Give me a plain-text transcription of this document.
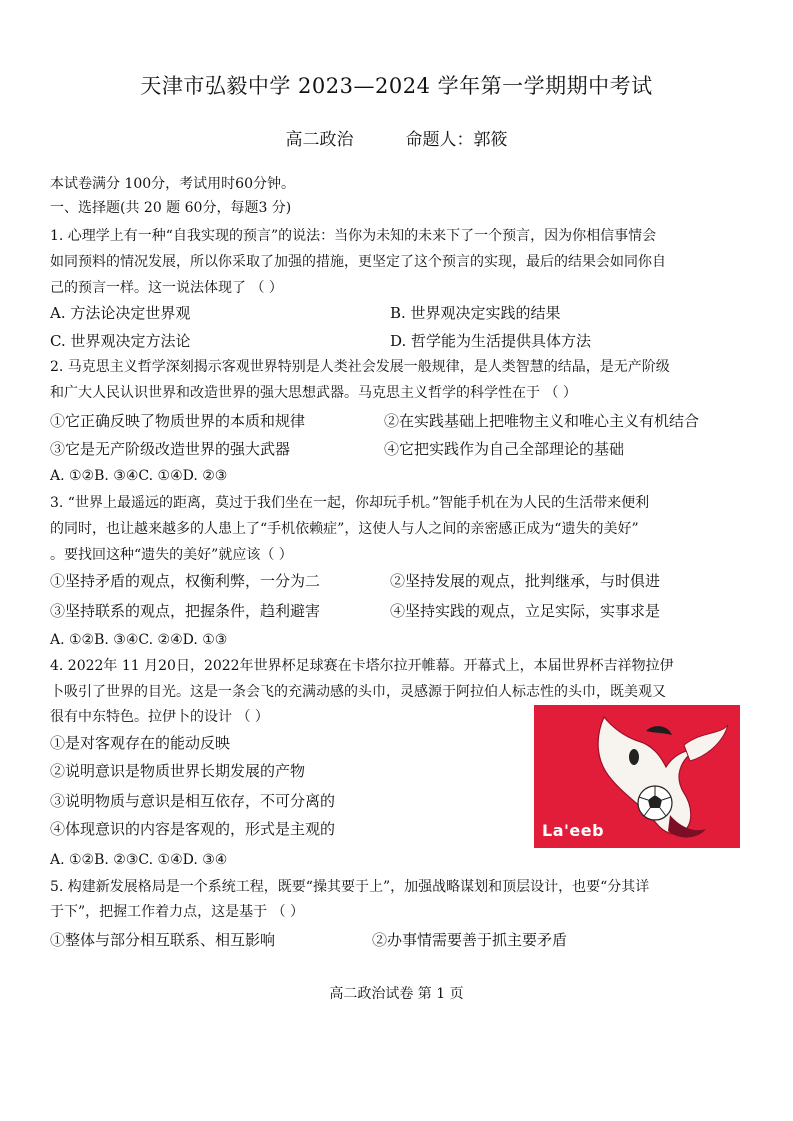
天津市弘毅中学 2023—2024 学年第一学期期中考试
高二政治	命题人：郭筱
本试卷满分 100分，考试用时60分钟。
一、选择题(共 20 题 60分，每题3 分)
1. 心理学上有一种“自我实现的预言”的说法：当你为未知的未来下了一个预言，因为你相信事情会
如同预料的情况发展，所以你采取了加强的措施，更坚定了这个预言的实现，最后的结果会如同你自
己的预言一样。这一说法体现了 （ ）
A. 方法论决定世界观	B. 世界观决定实践的结果
C. 世界观决定方法论	D. 哲学能为生活提供具体方法
2. 马克思主义哲学深刻揭示客观世界特别是人类社会发展一般规律，是人类智慧的结晶，是无产阶级
和广大人民认识世界和改造世界的强大思想武器。马克思主义哲学的科学性在于 （ ）
①它正确反映了物质世界的本质和规律	②在实践基础上把唯物主义和唯心主义有机结合
③它是无产阶级改造世界的强大武器	④它把实践作为自己全部理论的基础
A. ①②B. ③④C. ①④D. ②③
3. “世界上最遥远的距离，莫过于我们坐在一起，你却玩手机。”智能手机在为人民的生活带来便利
的同时，也让越来越多的人患上了“手机依赖症”，这使人与人之间的亲密感正成为“遗失的美好”
。要找回这种“遗失的美好”就应该（ ）
①坚持矛盾的观点，权衡利弊，一分为二	②坚持发展的观点，批判继承，与时俱进
③坚持联系的观点，把握条件，趋利避害	④坚持实践的观点，立足实际，实事求是
A. ①②B. ③④C. ②④D. ①③
4. 2022年 11 月20日，2022年世界杯足球赛在卡塔尔拉开帷幕。开幕式上，本届世界杯吉祥物拉伊
卜吸引了世界的目光。这是一条会飞的充满动感的头巾，灵感源于阿拉伯人标志性的头巾，既美观又
很有中东特色。拉伊卜的设计 （ ）
①是对客观存在的能动反映
②说明意识是物质世界长期发展的产物
③说明物质与意识是相互依存，不可分离的
④体现意识的内容是客观的，形式是主观的
A. ①②B. ②③C. ①④D. ③④
La'eeb
5. 构建新发展格局是一个系统工程，既要“操其要于上”，加强战略谋划和顶层设计，也要“分其详
于下”，把握工作着力点，这是基于 （ ）
①整体与部分相互联系、相互影响	②办事情需要善于抓主要矛盾
高二政治试卷 第 1 页
